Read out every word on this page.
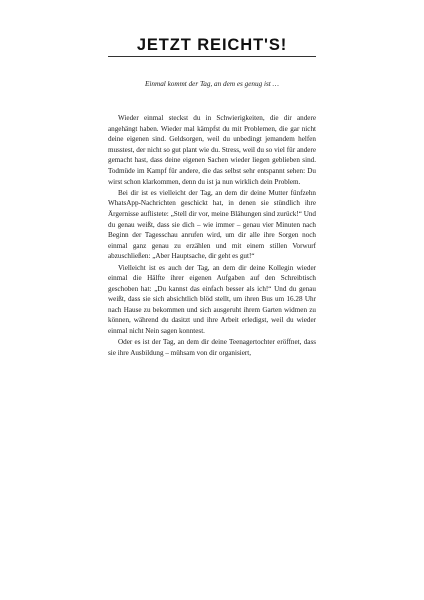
JETZT REICHT'S!

Einmal kommt der Tag, an dem es genug ist …

Wieder einmal steckst du in Schwierigkeiten, die dir andere angehängt haben. Wieder mal kämpfst du mit Problemen, die gar nicht deine eigenen sind. Geldsorgen, weil du unbedingt jemandem helfen musstest, der nicht so gut plant wie du. Stress, weil du so viel für andere gemacht hast, dass deine eigenen Sachen wieder liegen geblieben sind. Todmüde im Kampf für andere, die das selbst sehr entspannt sehen: Du wirst schon klarkommen, denn du ist ja nun wirklich dein Problem.

Bei dir ist es vielleicht der Tag, an dem dir deine Mutter fünfzehn WhatsApp-Nachrichten geschickt hat, in denen sie stündlich ihre Ärgernisse auflistete: „Stell dir vor, meine Blähungen sind zurück!“ Und du genau weißt, dass sie dich – wie immer – genau vier Minuten nach Beginn der Tagesschau anrufen wird, um dir alle ihre Sorgen noch einmal ganz genau zu erzählen und mit einem stillen Vorwurf abzuschließen: „Aber Hauptsache, dir geht es gut!“

Vielleicht ist es auch der Tag, an dem dir deine Kollegin wieder einmal die Hälfte ihrer eigenen Aufgaben auf den Schreibtisch geschoben hat: „Du kannst das einfach besser als ich!“ Und du genau weißt, dass sie sich absichtlich blöd stellt, um ihren Bus um 16.28 Uhr nach Hause zu bekommen und sich ausgeruht ihrem Garten widmen zu können, während du dasitzt und ihre Arbeit erledigst, weil du wieder einmal nicht Nein sagen konntest.

Oder es ist der Tag, an dem dir deine Teenagertochter eröffnet, dass sie ihre Ausbildung – mühsam von dir organisiert,
